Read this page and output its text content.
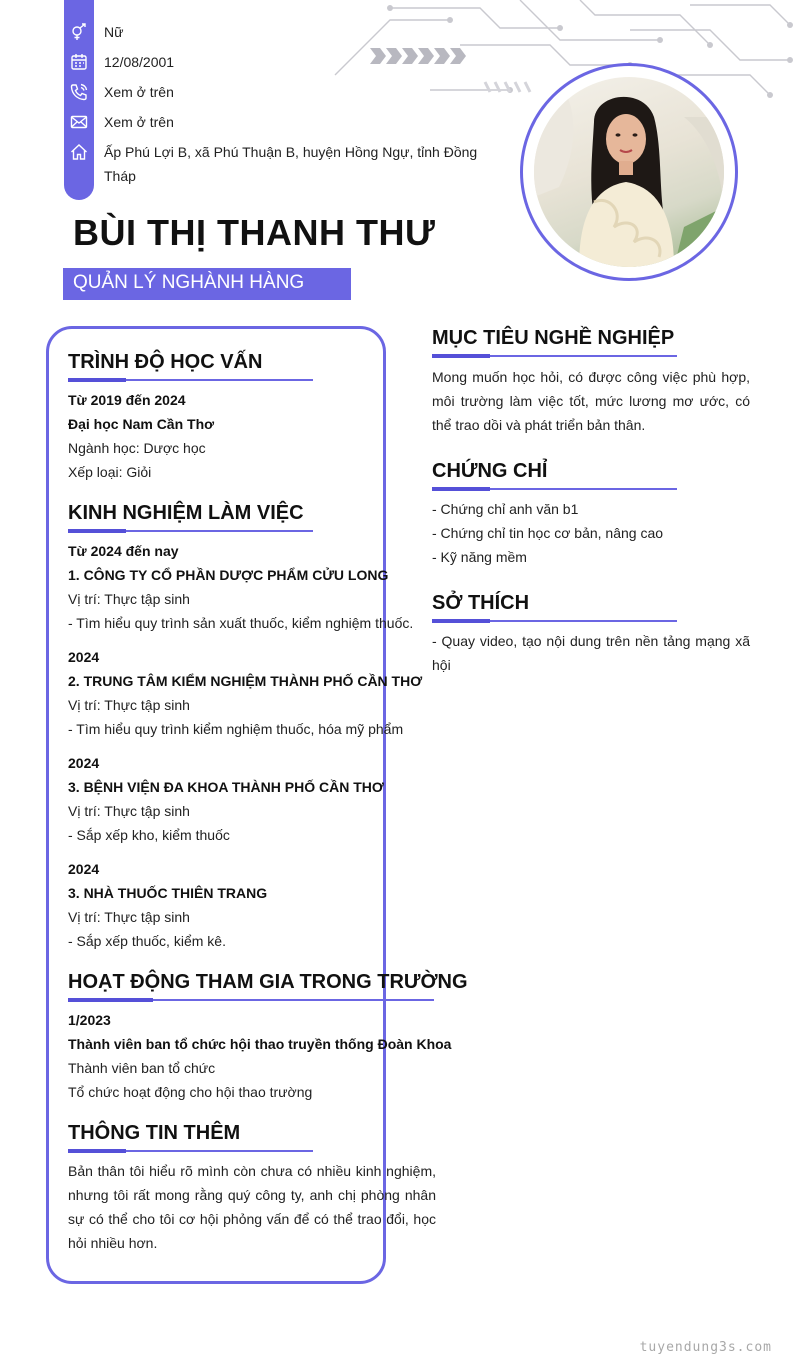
Nữ
12/08/2001
Xem ở trên
Xem ở trên
Ấp Phú Lợi B, xã Phú Thuận B, huyện Hồng Ngự, tỉnh Đồng Tháp
BÙI THỊ THANH THƯ
QUẢN LÝ NGHÀNH HÀNG
TRÌNH ĐỘ HỌC VẤN
Từ 2019 đến 2024
Đại học Nam Cần Thơ
Ngành học: Dược học
Xếp loại: Giỏi
KINH NGHIỆM LÀM VIỆC
Từ 2024 đến nay
1. CÔNG TY CỔ PHẦN DƯỢC PHẨM CỬU LONG
Vị trí: Thực tập sinh
- Tìm hiểu quy trình sản xuất thuốc, kiểm nghiệm thuốc.
2024
2. TRUNG TÂM KIỂM NGHIỆM THÀNH PHỐ CẦN THƠ
Vị trí: Thực tập sinh
- Tìm hiểu quy trình kiểm nghiệm thuốc, hóa mỹ phẩm
2024
3. BỆNH VIỆN ĐA KHOA THÀNH PHỐ CẦN THƠ
Vị trí: Thực tập sinh
- Sắp xếp kho, kiểm thuốc
2024
3. NHÀ THUỐC THIÊN TRANG
Vị trí: Thực tập sinh
- Sắp xếp thuốc, kiểm kê.
HOẠT ĐỘNG THAM GIA TRONG TRƯỜNG
1/2023
Thành viên ban tổ chức hội thao truyền thống Đoàn Khoa
Thành viên ban tổ chức
Tổ chức hoạt động cho hội thao trường
THÔNG TIN THÊM
Bản thân tôi hiểu rõ mình còn chưa có nhiều kinh nghiệm, nhưng tôi rất mong rằng quý công ty, anh chị phòng nhân sự có thể cho tôi cơ hội phỏng vấn để có thể trao đổi, học hỏi nhiều hơn.
MỤC TIÊU NGHỀ NGHIỆP
Mong muốn học hỏi, có được công việc phù hợp, môi trường làm việc tốt, mức lương mơ ước, có thể trao dồi và phát triển bản thân.
CHỨNG CHỈ
- Chứng chỉ anh văn b1
- Chứng chỉ tin học cơ bản, nâng cao
- Kỹ năng mềm
SỞ THÍCH
- Quay video, tạo nội dung trên nền tảng mạng xã hội
tuyendung3s.com
